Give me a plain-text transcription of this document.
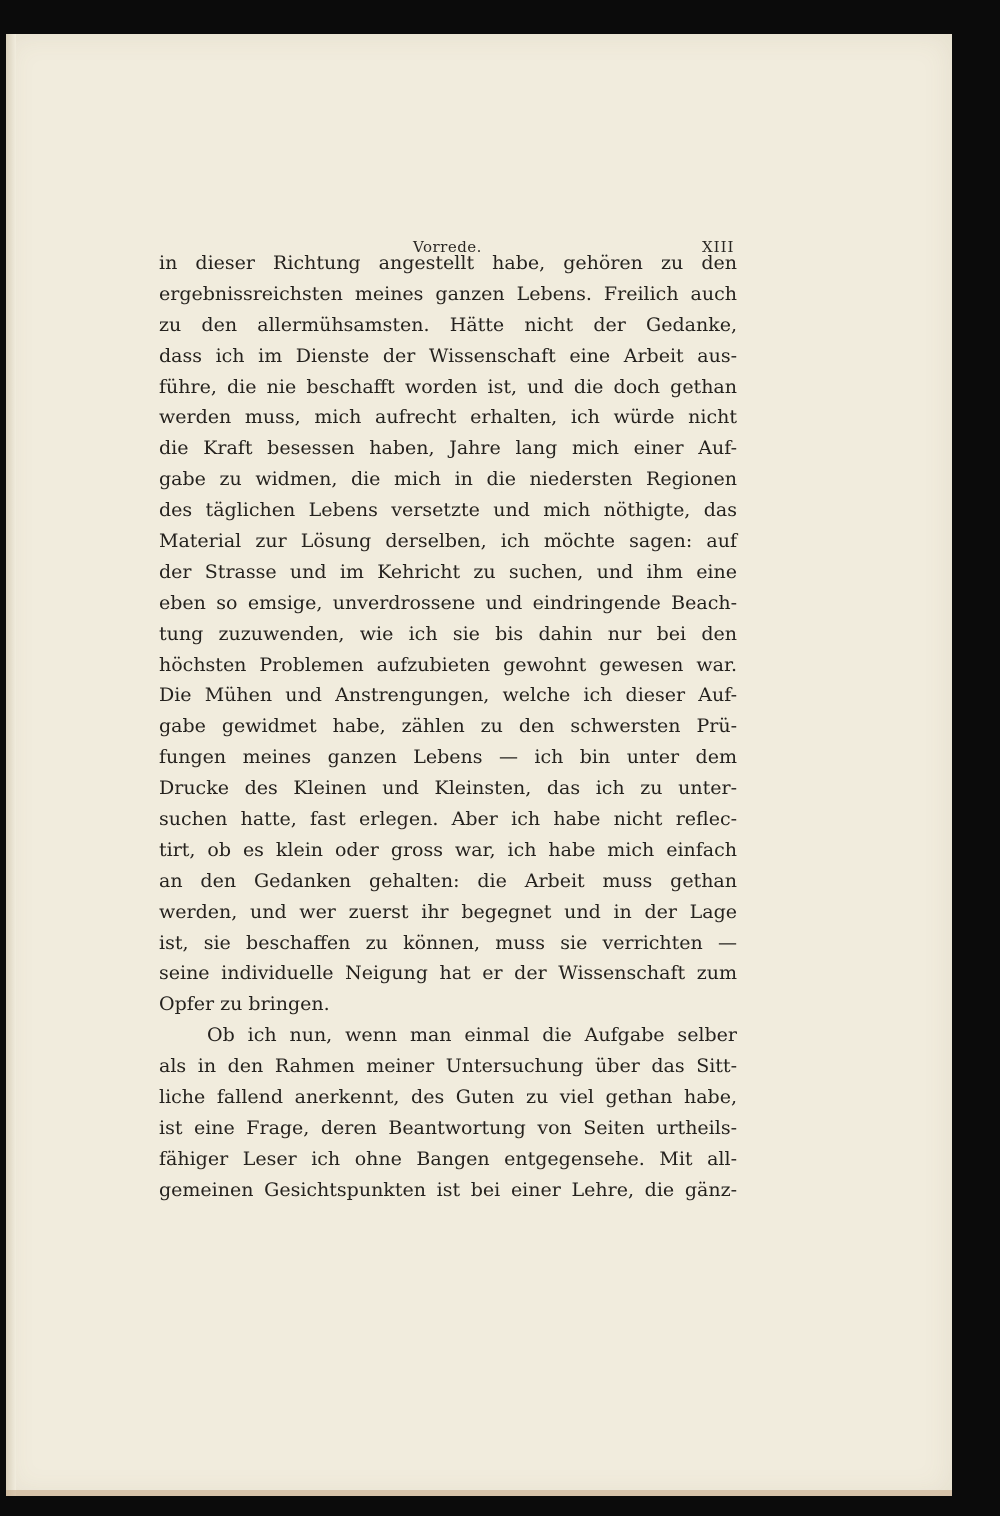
Vorrede.	XIII
in dieser Richtung angestellt habe, gehören zu den
ergebnissreichsten meines ganzen Lebens. Freilich auch
zu den allermühsamsten. Hätte nicht der Gedanke,
dass ich im Dienste der Wissenschaft eine Arbeit aus-
führe, die nie beschafft worden ist, und die doch gethan
werden muss, mich aufrecht erhalten, ich würde nicht
die Kraft besessen haben, Jahre lang mich einer Auf-
gabe zu widmen, die mich in die niedersten Regionen
des täglichen Lebens versetzte und mich nöthigte, das
Material zur Lösung derselben, ich möchte sagen: auf
der Strasse und im Kehricht zu suchen, und ihm eine
eben so emsige, unverdrossene und eindringende Beach-
tung zuzuwenden, wie ich sie bis dahin nur bei den
höchsten Problemen aufzubieten gewohnt gewesen war.
Die Mühen und Anstrengungen, welche ich dieser Auf-
gabe gewidmet habe, zählen zu den schwersten Prü-
fungen meines ganzen Lebens — ich bin unter dem
Drucke des Kleinen und Kleinsten, das ich zu unter-
suchen hatte, fast erlegen. Aber ich habe nicht reflec-
tirt, ob es klein oder gross war, ich habe mich einfach
an den Gedanken gehalten: die Arbeit muss gethan
werden, und wer zuerst ihr begegnet und in der Lage
ist, sie beschaffen zu können, muss sie verrichten —
seine individuelle Neigung hat er der Wissenschaft zum
Opfer zu bringen.
Ob ich nun, wenn man einmal die Aufgabe selber
als in den Rahmen meiner Untersuchung über das Sitt-
liche fallend anerkennt, des Guten zu viel gethan habe,
ist eine Frage, deren Beantwortung von Seiten urtheils-
fähiger Leser ich ohne Bangen entgegensehe. Mit all-
gemeinen Gesichtspunkten ist bei einer Lehre, die gänz-
